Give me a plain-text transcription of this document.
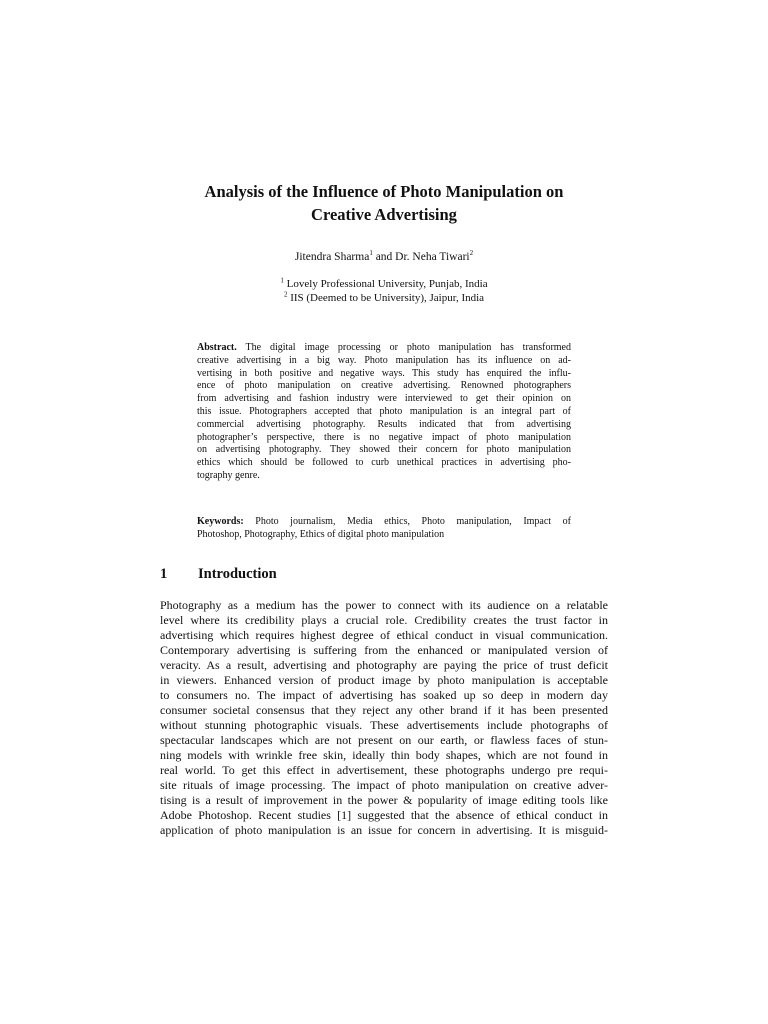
Analysis of the Influence of Photo Manipulation on
Creative Advertising
Jitendra Sharma$^1$ and Dr. Neha Tiwari$^2$
$^1$ Lovely Professional University, Punjab, India
$^2$ IIS (Deemed to be University), Jaipur, India
Abstract. The digital image processing or photo manipulation has transformed
creative advertising in a big way. Photo manipulation has its influence on ad-
vertising in both positive and negative ways. This study has enquired the influ-
ence of photo manipulation on creative advertising. Renowned photographers
from advertising and fashion industry were interviewed to get their opinion on
this issue. Photographers accepted that photo manipulation is an integral part of
commercial advertising photography. Results indicated that from advertising
photographer’s perspective, there is no negative impact of photo manipulation
on advertising photography. They showed their concern for photo manipulation
ethics which should be followed to curb unethical practices in advertising pho-
tography genre.
Keywords: Photo journalism, Media ethics, Photo manipulation, Impact of
Photoshop, Photography, Ethics of digital photo manipulation
1 Introduction
Photography as a medium has the power to connect with its audience on a relatable
level where its credibility plays a crucial role. Credibility creates the trust factor in
advertising which requires highest degree of ethical conduct in visual communication.
Contemporary advertising is suffering from the enhanced or manipulated version of
veracity. As a result, advertising and photography are paying the price of trust deficit
in viewers. Enhanced version of product image by photo manipulation is acceptable
to consumers no. The impact of advertising has soaked up so deep in modern day
consumer societal consensus that they reject any other brand if it has been presented
without stunning photographic visuals. These advertisements include photographs of
spectacular landscapes which are not present on our earth, or flawless faces of stun-
ning models with wrinkle free skin, ideally thin body shapes, which are not found in
real world. To get this effect in advertisement, these photographs undergo pre requi-
site rituals of image processing. The impact of photo manipulation on creative adver-
tising is a result of improvement in the power & popularity of image editing tools like
Adobe Photoshop. Recent studies [1] suggested that the absence of ethical conduct in
application of photo manipulation is an issue for concern in advertising. It is misguid-
